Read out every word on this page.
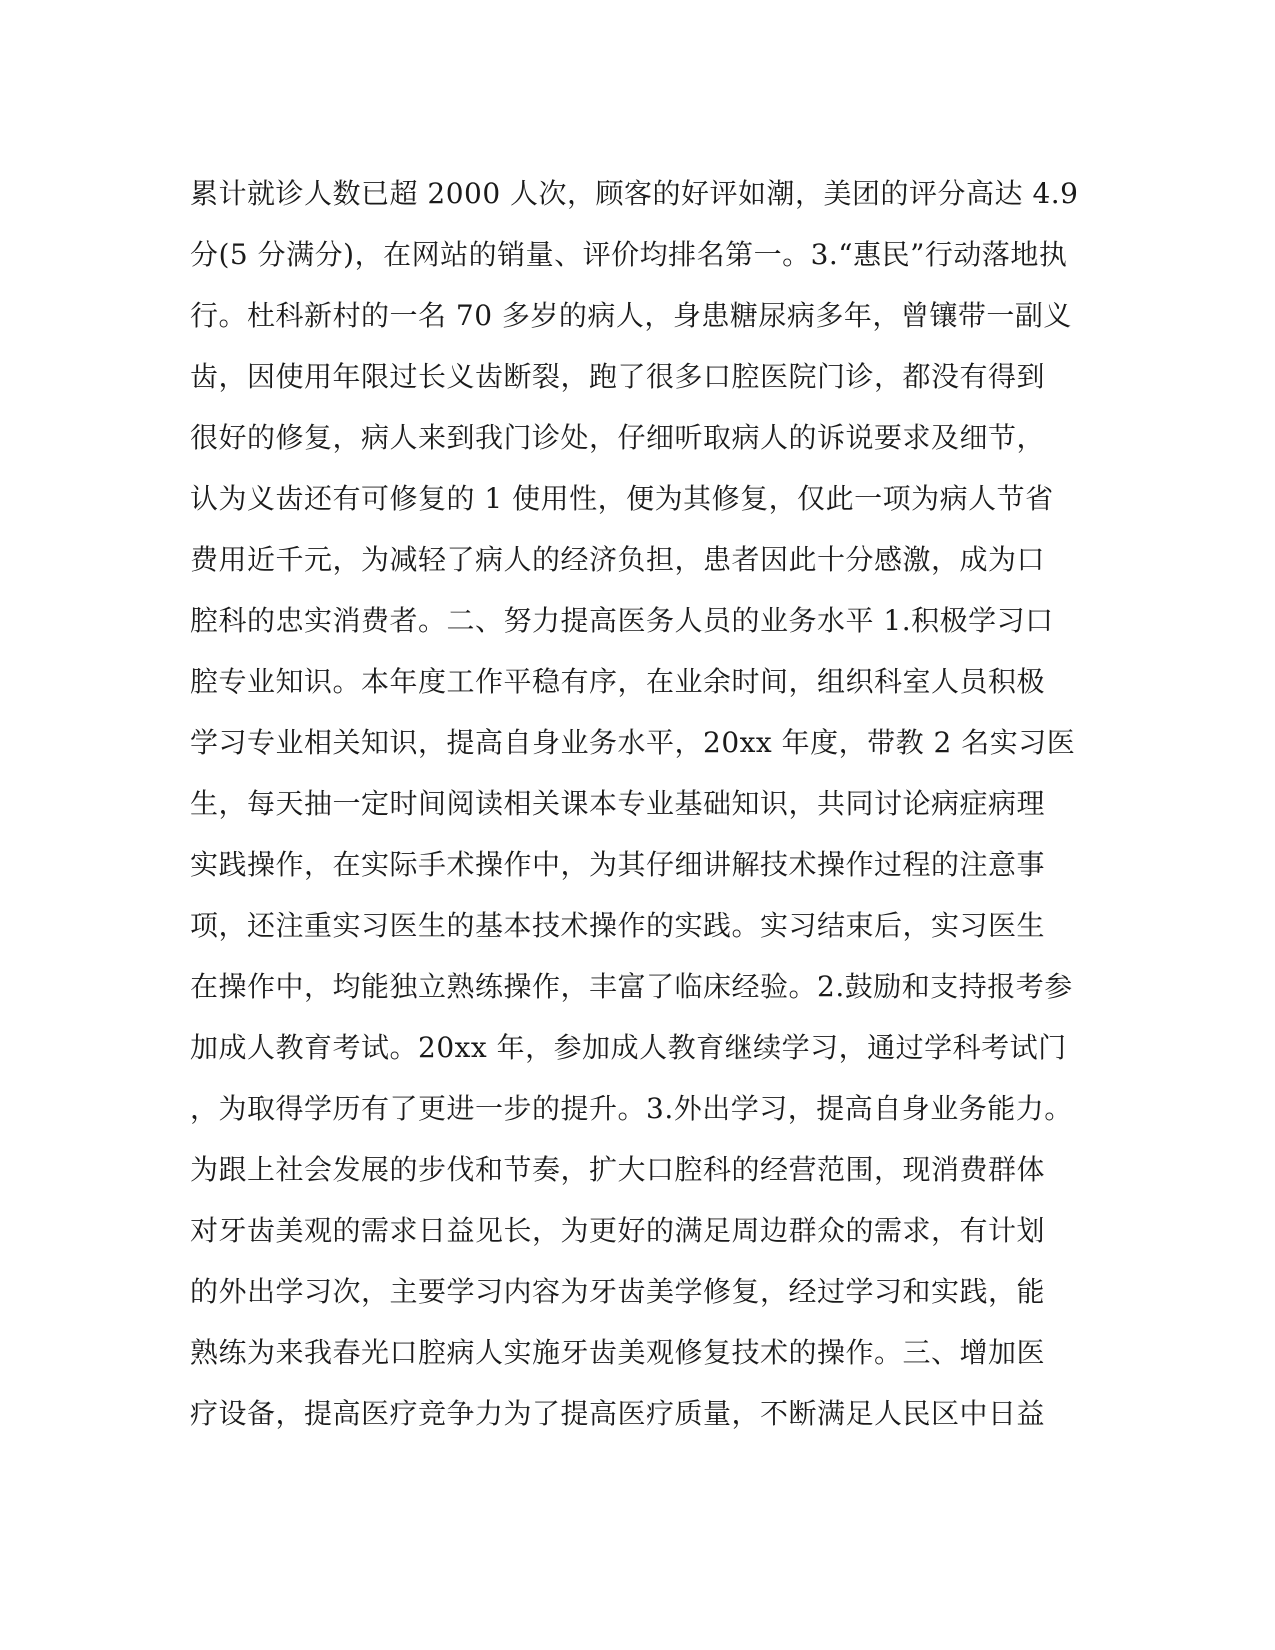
累计就诊人数已超 2000 人次，顾客的好评如潮，美团的评分高达 4.9
分(5 分满分)，在网站的销量、评价均排名第一。3.“惠民”行动落地执
行。杜科新村的一名 70 多岁的病人，身患糖尿病多年，曾镶带一副义
齿，因使用年限过长义齿断裂，跑了很多口腔医院门诊，都没有得到
很好的修复，病人来到我门诊处，仔细听取病人的诉说要求及细节，
认为义齿还有可修复的 1 使用性，便为其修复，仅此一项为病人节省
费用近千元，为减轻了病人的经济负担，患者因此十分感激，成为口
腔科的忠实消费者。二、努力提高医务人员的业务水平 1.积极学习口
腔专业知识。本年度工作平稳有序，在业余时间，组织科室人员积极
学习专业相关知识，提高自身业务水平，20xx 年度，带教 2 名实习医
生，每天抽一定时间阅读相关课本专业基础知识，共同讨论病症病理
实践操作，在实际手术操作中，为其仔细讲解技术操作过程的注意事
项，还注重实习医生的基本技术操作的实践。实习结束后，实习医生
在操作中，均能独立熟练操作，丰富了临床经验。2.鼓励和支持报考参
加成人教育考试。20xx 年，参加成人教育继续学习，通过学科考试门
，为取得学历有了更进一步的提升。3.外出学习，提高自身业务能力。
为跟上社会发展的步伐和节奏，扩大口腔科的经营范围，现消费群体
对牙齿美观的需求日益见长，为更好的满足周边群众的需求，有计划
的外出学习次，主要学习内容为牙齿美学修复，经过学习和实践，能
熟练为来我春光口腔病人实施牙齿美观修复技术的操作。三、增加医
疗设备，提高医疗竞争力为了提高医疗质量，不断满足人民区中日益
